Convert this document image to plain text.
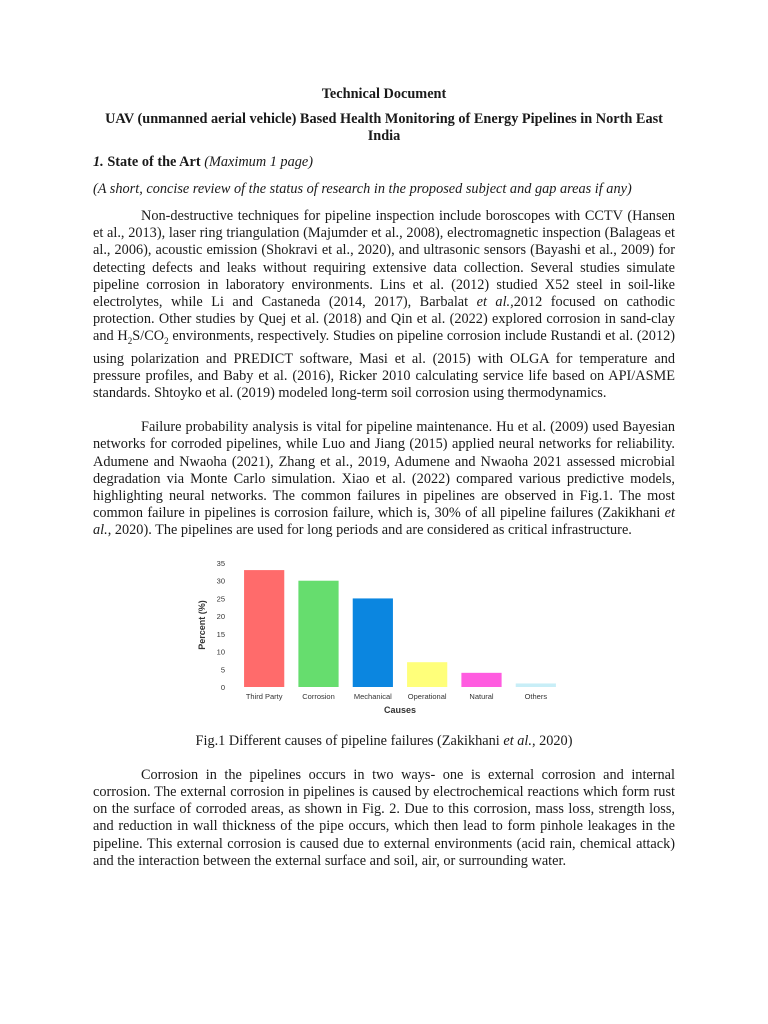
Technical Document
UAV (unmanned aerial vehicle) Based Health Monitoring of Energy Pipelines in North East India
1. State of the Art (Maximum 1 page)
(A short, concise review of the status of research in the proposed subject and gap areas if any)

Non-destructive techniques for pipeline inspection include boroscopes with CCTV (Hansen et al., 2013), laser ring triangulation (Majumder et al., 2008), electromagnetic inspection (Balageas et al., 2006), acoustic emission (Shokravi et al., 2020), and ultrasonic sensors (Bayashi et al., 2009) for detecting defects and leaks without requiring extensive data collection. Several studies simulate pipeline corrosion in laboratory environments. Lins et al. (2012) studied X52 steel in soil-like electrolytes, while Li and Castaneda (2014, 2017), Barbalat et al.,2012 focused on cathodic protection. Other studies by Quej et al. (2018) and Qin et al. (2022) explored corrosion in sand-clay and $H_2S/CO_2$ environments, respectively. Studies on pipeline corrosion include Rustandi et al. (2012) using polarization and PREDICT software, Masi et al. (2015) with OLGA for temperature and pressure profiles, and Baby et al. (2016), Ricker 2010 calculating service life based on API/ASME standards. Shtoyko et al. (2019) modeled long-term soil corrosion using thermodynamics.

Failure probability analysis is vital for pipeline maintenance. Hu et al. (2009) used Bayesian networks for corroded pipelines, while Luo and Jiang (2015) applied neural networks for reliability. Adumene and Nwaoha (2021), Zhang et al., 2019, Adumene and Nwaoha 2021 assessed microbial degradation via Monte Carlo simulation. Xiao et al. (2022) compared various predictive models, highlighting neural networks. The common failures in pipelines are observed in Fig.1. The most common failure in pipelines is corrosion failure, which is, 30% of all pipeline failures (Zakikhani et al., 2020). The pipelines are used for long periods and are considered as critical infrastructure.

0
5
10
15
20
25
30
35
Percent (%)
Third Party	Corrosion	Mechanical Operational	Natural	Others
Causes
Fig.1 Different causes of pipeline failures (Zakikhani et al., 2020)

Corrosion in the pipelines occurs in two ways- one is external corrosion and internal corrosion. The external corrosion in pipelines is caused by electrochemical reactions which form rust on the surface of corroded areas, as shown in Fig. 2. Due to this corrosion, mass loss, strength loss, and reduction in wall thickness of the pipe occurs, which then lead to form pinhole leakages in the pipeline. This external corrosion is caused due to external environments (acid rain, chemical attack) and the interaction between the external surface and soil, air, or surrounding water.
